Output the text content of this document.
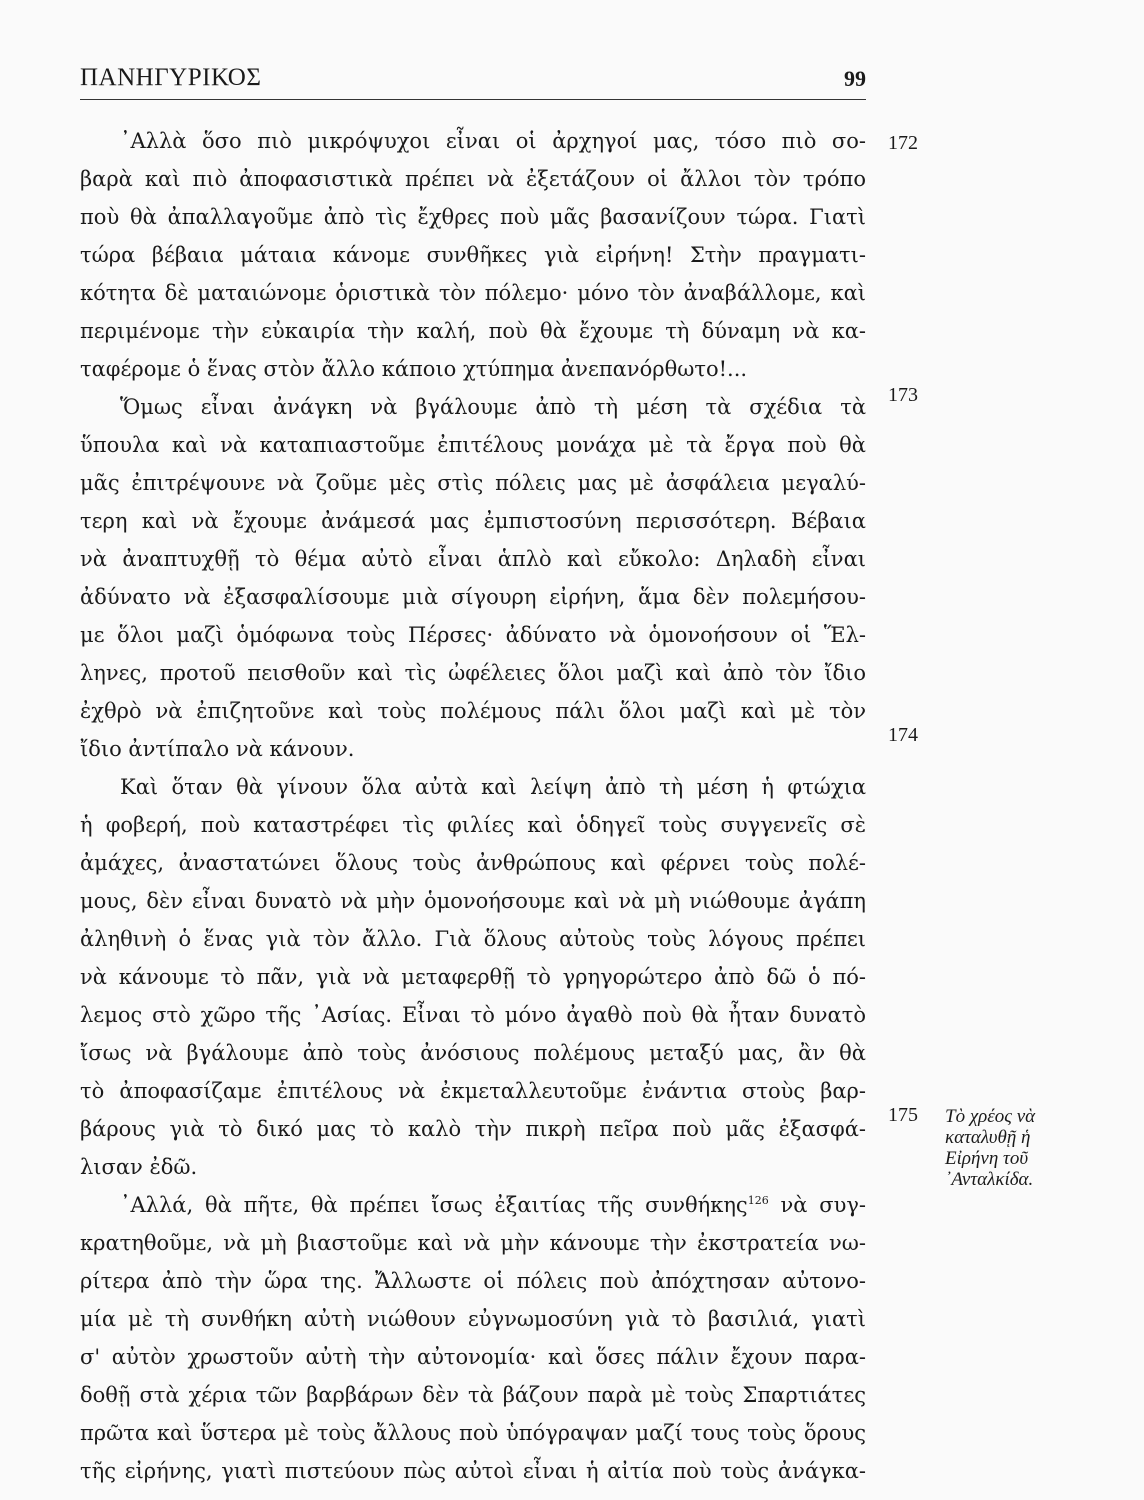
ΠΑΝΗΓΥΡΙΚΟΣ	99
᾿Αλλὰ ὅσο πιὸ μικρόψυχοι εἶναι οἱ ἀρχηγοί μας, τόσο πιὸ σο-
βαρὰ καὶ πιὸ ἀποφασιστικὰ πρέπει νὰ ἐξετάζουν οἱ ἄλλοι τὸν τρόπο
ποὺ θὰ ἀπαλλαγοῦμε ἀπὸ τὶς ἔχθρες ποὺ μᾶς βασανίζουν τώρα. Γιατὶ
τώρα βέβαια μάταια κάνομε συνθῆκες γιὰ εἰρήνη! Στὴν πραγματι-
κότητα δὲ ματαιώνομε ὁριστικὰ τὸν πόλεμο· μόνο τὸν ἀναβάλλομε, καὶ
περιμένομε τὴν εὐκαιρία τὴν καλή, ποὺ θὰ ἔχουμε τὴ δύναμη νὰ κα-
ταφέρομε ὁ ἕνας στὸν ἄλλο κάποιο χτύπημα ἀνεπανόρθωτο!...
Ὅμως εἶναι ἀνάγκη νὰ βγάλουμε ἀπὸ τὴ μέση τὰ σχέδια τὰ
ὕπουλα καὶ νὰ καταπιαστοῦμε ἐπιτέλους μονάχα μὲ τὰ ἔργα ποὺ θὰ
μᾶς ἐπιτρέψουνε νὰ ζοῦμε μὲς στὶς πόλεις μας μὲ ἀσφάλεια μεγαλύ-
τερη καὶ νὰ ἔχουμε ἀνάμεσά μας ἐμπιστοσύνη περισσότερη. Βέβαια
νὰ ἀναπτυχθῇ τὸ θέμα αὐτὸ εἶναι ἁπλὸ καὶ εὔκολο: Δηλαδὴ εἶναι
ἀδύνατο νὰ ἐξασφαλίσουμε μιὰ σίγουρη εἰρήνη, ἅμα δὲν πολεμήσου-
με ὅλοι μαζὶ ὁμόφωνα τοὺς Πέρσες· ἀδύνατο νὰ ὁμονοήσουν οἱ Ἕλ-
ληνες, προτοῦ πεισθοῦν καὶ τὶς ὠφέλειες ὅλοι μαζὶ καὶ ἀπὸ τὸν ἴδιο
ἐχθρὸ νὰ ἐπιζητοῦνε καὶ τοὺς πολέμους πάλι ὅλοι μαζὶ καὶ μὲ τὸν
ἴδιο ἀντίπαλο νὰ κάνουν.
Καὶ ὅταν θὰ γίνουν ὅλα αὐτὰ καὶ λείψη ἀπὸ τὴ μέση ἡ φτώχια
ἡ φοβερή, ποὺ καταστρέφει τὶς φιλίες καὶ ὁδηγεῖ τοὺς συγγενεῖς σὲ
ἀμάχες, ἀναστατώνει ὅλους τοὺς ἀνθρώπους καὶ φέρνει τοὺς πολέ-
μους, δὲν εἶναι δυνατὸ νὰ μὴν ὁμονοήσουμε καὶ νὰ μὴ νιώθουμε ἀγάπη
ἀληθινὴ ὁ ἕνας γιὰ τὸν ἄλλο. Γιὰ ὅλους αὐτοὺς τοὺς λόγους πρέπει
νὰ κάνουμε τὸ πᾶν, γιὰ νὰ μεταφερθῇ τὸ γρηγορώτερο ἀπὸ δῶ ὁ πό-
λεμος στὸ χῶρο τῆς ᾿Ασίας. Εἶναι τὸ μόνο ἀγαθὸ ποὺ θὰ ἦταν δυνατὸ
ἴσως νὰ βγάλουμε ἀπὸ τοὺς ἀνόσιους πολέμους μεταξύ μας, ἂν θὰ
τὸ ἀποφασίζαμε ἐπιτέλους νὰ ἐκμεταλλευτοῦμε ἐνάντια στοὺς βαρ-
βάρους γιὰ τὸ δικό μας τὸ καλὸ τὴν πικρὴ πεῖρα ποὺ μᾶς ἐξασφά-
λισαν ἐδῶ.
᾿Αλλά, θὰ πῆτε, θὰ πρέπει ἴσως ἐξαιτίας τῆς συνθήκης$^{126}$ νὰ συγ-
κρατηθοῦμε, νὰ μὴ βιαστοῦμε καὶ νὰ μὴν κάνουμε τὴν ἐκστρατεία νω-
ρίτερα ἀπὸ τὴν ὥρα της. Ἄλλωστε οἱ πόλεις ποὺ ἀπόχτησαν αὐτονο-
μία μὲ τὴ συνθήκη αὐτὴ νιώθουν εὐγνωμοσύνη γιὰ τὸ βασιλιά, γιατὶ
σ' αὐτὸν χρωστοῦν αὐτὴ τὴν αὐτονομία· καὶ ὅσες πάλιν ἔχουν παρα-
δοθῇ στὰ χέρια τῶν βαρβάρων δὲν τὰ βάζουν παρὰ μὲ τοὺς Σπαρτιάτες
πρῶτα καὶ ὕστερα μὲ τοὺς ἄλλους ποὺ ὑπόγραψαν μαζί τους τοὺς ὅρους
τῆς εἰρήνης, γιατὶ πιστεύουν πὼς αὐτοὶ εἶναι ἡ αἰτία ποὺ τοὺς ἀνάγκα-
172
173
174
175 Τὸ χρέος νὰ
καταλυθῇ ἡ
Εἰρήνη τοῦ
᾿Ανταλκίδα.
